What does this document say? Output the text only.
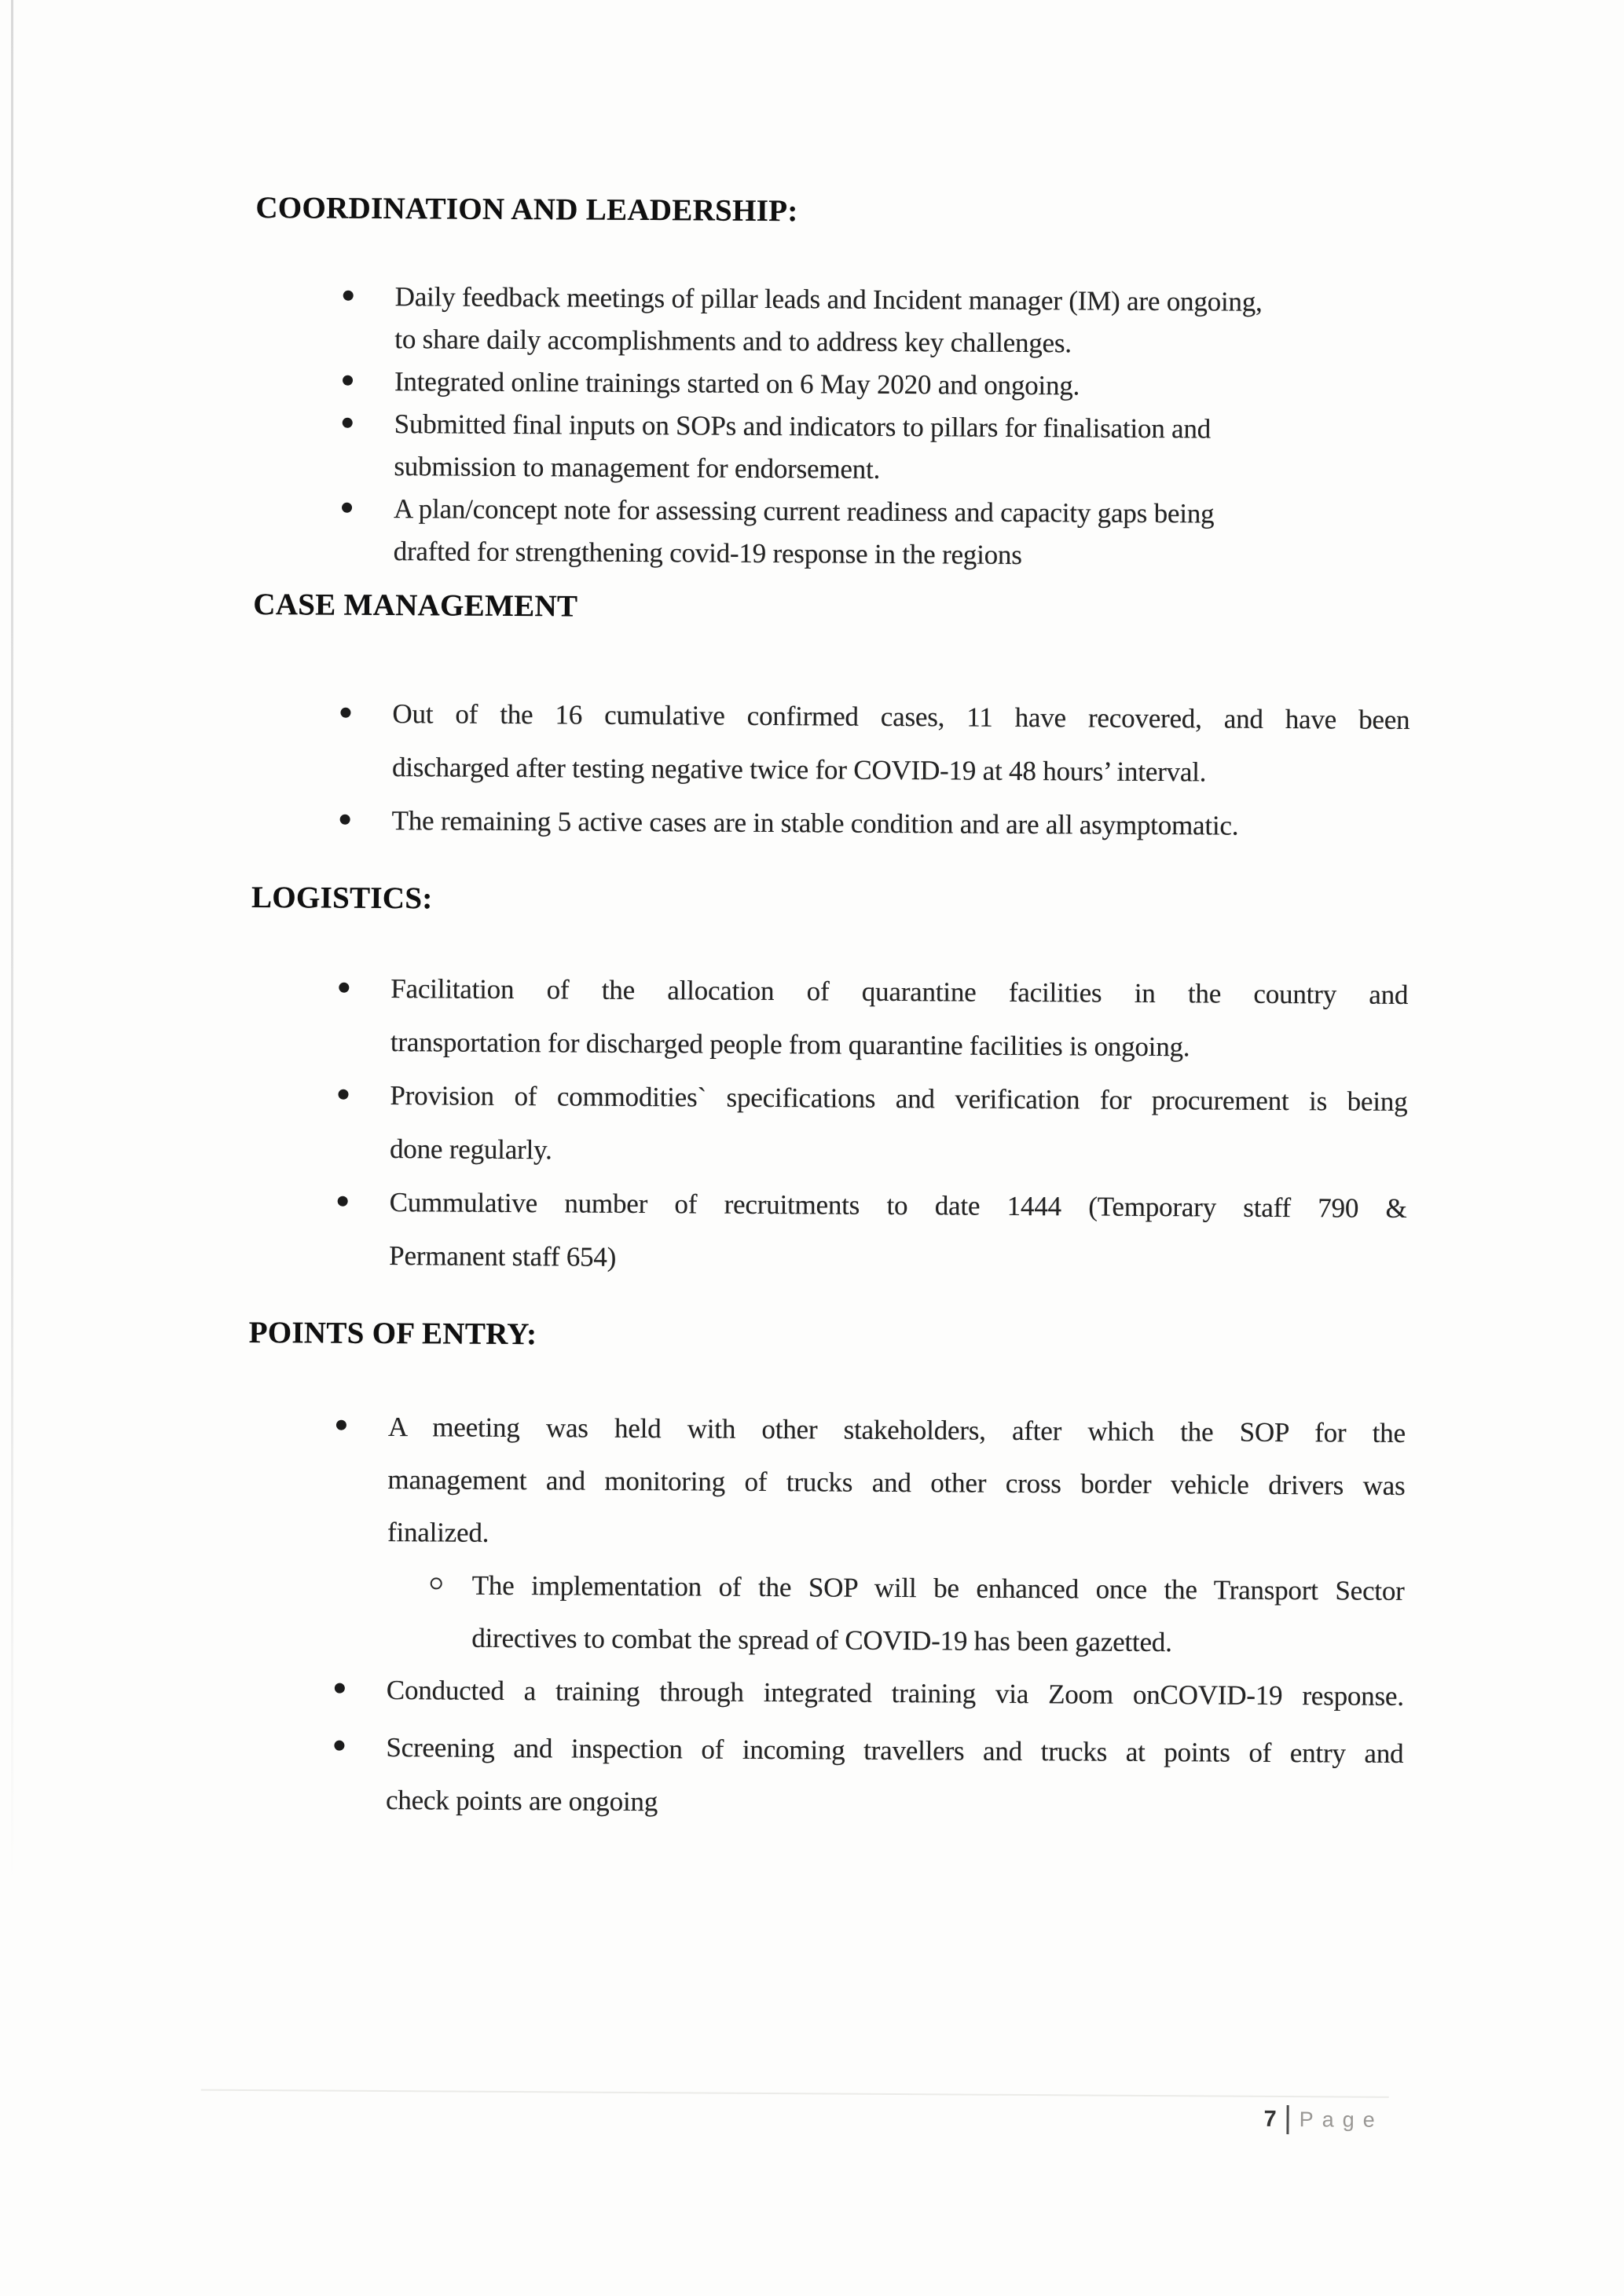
COORDINATION AND LEADERSHIP:
Daily feedback meetings of pillar leads and Incident manager (IM) are ongoing,
to share daily accomplishments and to address key challenges.
Integrated online trainings started on 6 May 2020 and ongoing.
Submitted final inputs on SOPs and indicators to pillars for finalisation and
submission to management for endorsement.
A plan/concept note for assessing current readiness and capacity gaps being
drafted for strengthening covid-19 response in the regions
CASE MANAGEMENT
Out of the 16 cumulative confirmed cases, 11 have recovered, and have been
discharged after testing negative twice for COVID-19 at 48 hours’ interval.
The remaining 5 active cases are in stable condition and are all asymptomatic.
LOGISTICS:
Facilitation of the allocation of quarantine facilities in the country and
transportation for discharged people from quarantine facilities is ongoing.
Provision of commodities` specifications and verification for procurement is being
done regularly.
Cummulative number of recruitments to date 1444 (Temporary staff 790 &
Permanent staff 654)
POINTS OF ENTRY:
A meeting was held with other stakeholders, after which the SOP for the
management and monitoring of trucks and other cross border vehicle drivers was
finalized.
The implementation of the SOP will be enhanced once the Transport Sector
directives to combat the spread of COVID-19 has been gazetted.
Conducted a training through integrated training via Zoom onCOVID-19 response.
Screening and inspection of incoming travellers and trucks at points of entry and
check points are ongoing
7 Page
